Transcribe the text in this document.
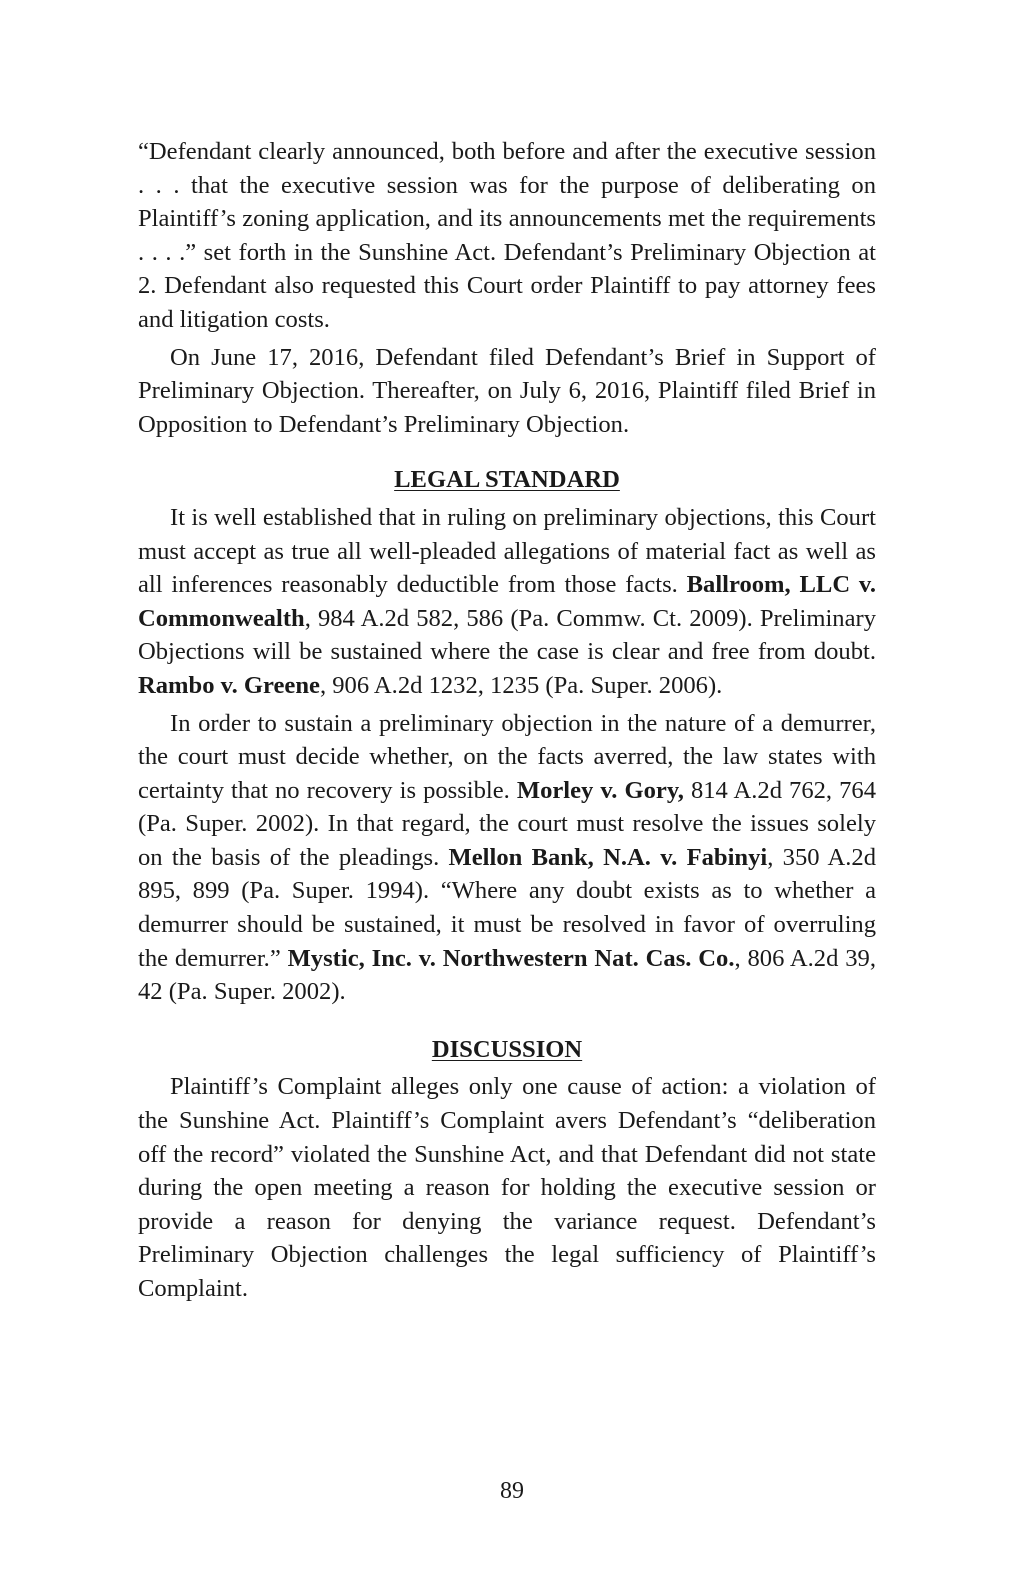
“Defendant clearly announced, both before and after the executive session . . . that the executive session was for the purpose of deliberating on Plaintiff’s zoning application, and its announcements met the requirements . . . .” set forth in the Sunshine Act. Defendant’s Preliminary Objection at 2. Defendant also requested this Court order Plaintiff to pay attorney fees and litigation costs.

On June 17, 2016, Defendant filed Defendant’s Brief in Support of Preliminary Objection. Thereafter, on July 6, 2016, Plaintiff filed Brief in Opposition to Defendant’s Preliminary Objection.

LEGAL STANDARD

It is well established that in ruling on preliminary objections, this Court must accept as true all well-pleaded allegations of material fact as well as all inferences reasonably deductible from those facts. Ballroom, LLC v. Commonwealth, 984 A.2d 582, 586 (Pa. Commw. Ct. 2009). Preliminary Objections will be sustained where the case is clear and free from doubt. Rambo v. Greene, 906 A.2d 1232, 1235 (Pa. Super. 2006).

In order to sustain a preliminary objection in the nature of a demurrer, the court must decide whether, on the facts averred, the law states with certainty that no recovery is possible. Morley v. Gory, 814 A.2d 762, 764 (Pa. Super. 2002). In that regard, the court must resolve the issues solely on the basis of the pleadings. Mellon Bank, N.A. v. Fabinyi, 350 A.2d 895, 899 (Pa. Super. 1994). “Where any doubt exists as to whether a demurrer should be sustained, it must be resolved in favor of overruling the demurrer.” Mystic, Inc. v. Northwestern Nat. Cas. Co., 806 A.2d 39, 42 (Pa. Super. 2002).

DISCUSSION

Plaintiff’s Complaint alleges only one cause of action: a violation of the Sunshine Act. Plaintiff’s Complaint avers Defendant’s “deliberation off the record” violated the Sunshine Act, and that Defendant did not state during the open meeting a reason for holding the executive session or provide a reason for denying the variance request. Defendant’s Preliminary Objection challenges the legal sufficiency of Plaintiff’s Complaint.

89
